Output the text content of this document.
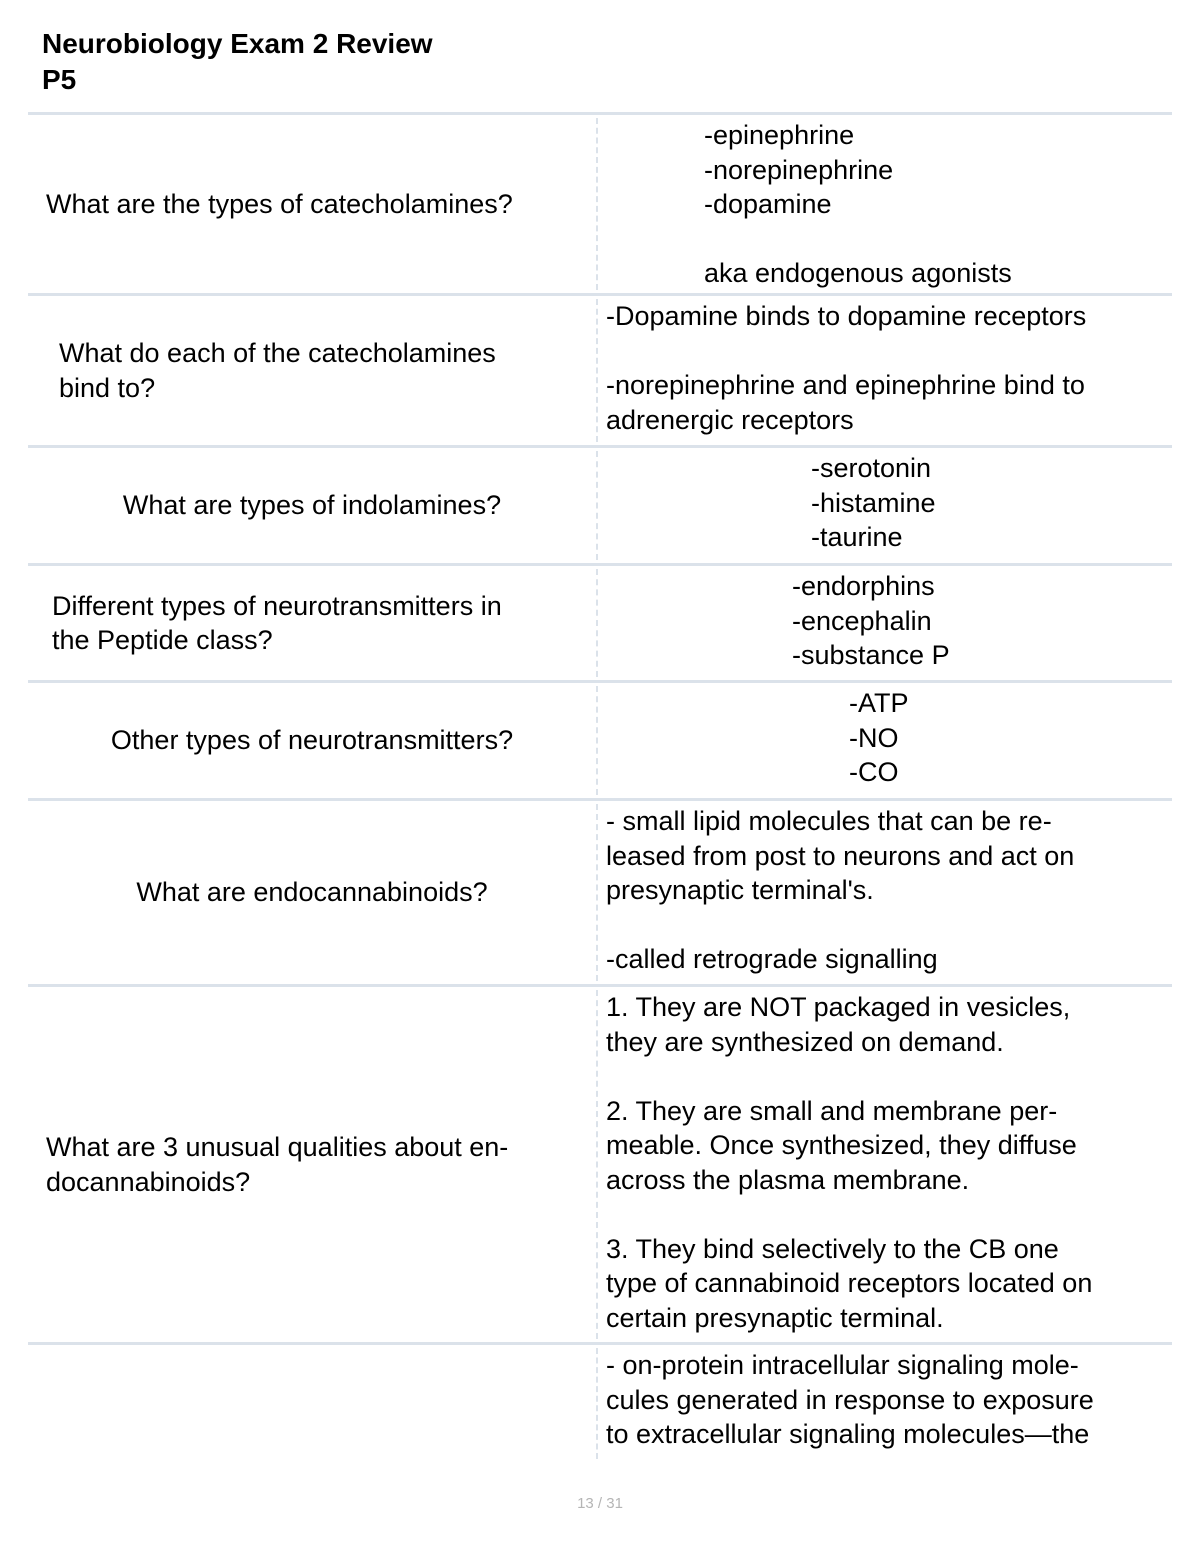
Neurobiology Exam 2 Review
P5
What are the types of catecholamines?
-epinephrine
-norepinephrine
-dopamine
aka endogenous agonists
What do each of the catecholamines
bind to?
-Dopamine binds to dopamine receptors
-norepinephrine and epinephrine bind to
adrenergic receptors
What are types of indolamines?
-serotonin
-histamine
-taurine
Different types of neurotransmitters in
the Peptide class?
-endorphins
-encephalin
-substance P
Other types of neurotransmitters?
-ATP
-NO
-CO
What are endocannabinoids?
- small lipid molecules that can be re-
leased from post to neurons and act on
presynaptic terminal's.
-called retrograde signalling
What are 3 unusual qualities about en-
docannabinoids?
1. They are NOT packaged in vesicles,
they are synthesized on demand.
2. They are small and membrane per-
meable. Once synthesized, they diffuse
across the plasma membrane.
3. They bind selectively to the CB one
type of cannabinoid receptors located on
certain presynaptic terminal.
- on-protein intracellular signaling mole-
cules generated in response to exposure
to extracellular signaling molecules—the
13 / 31
